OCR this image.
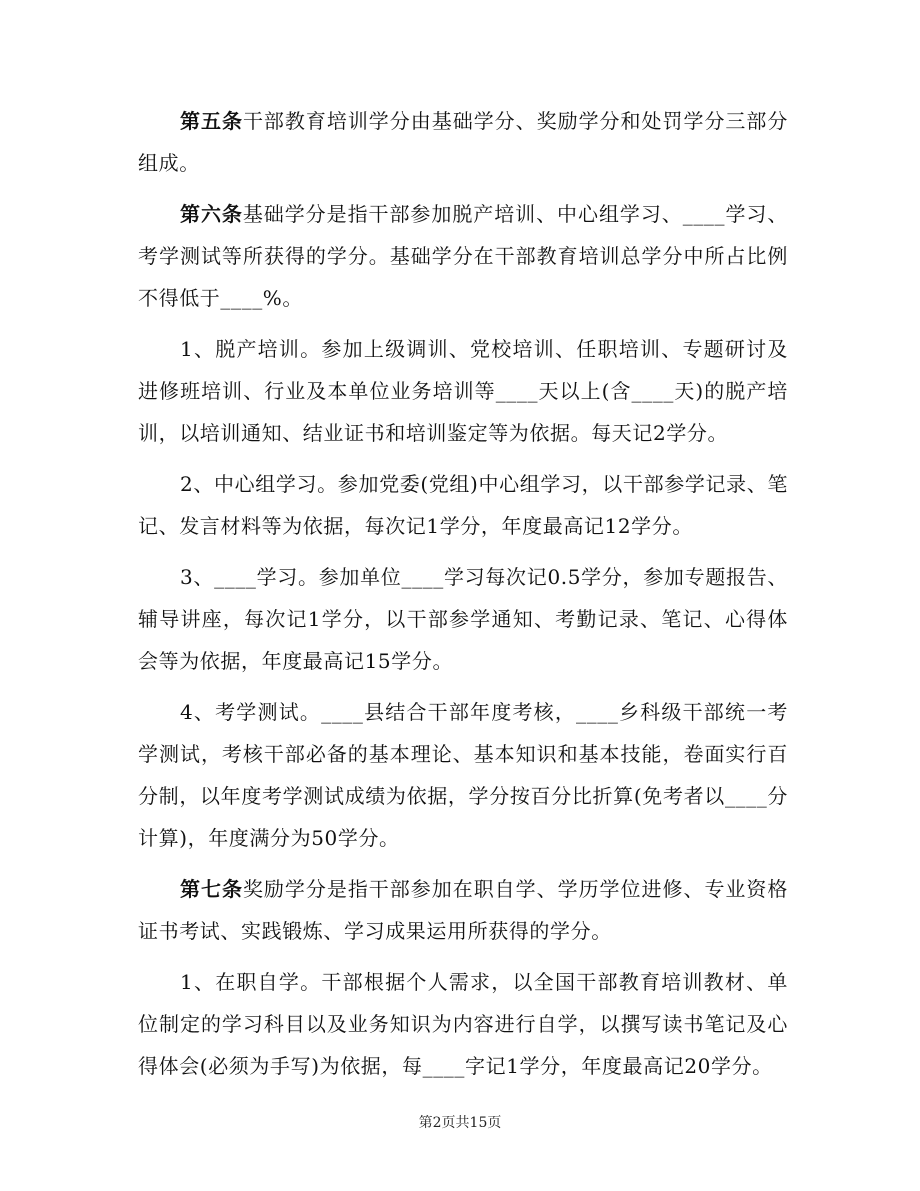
第五条干部教育培训学分由基础学分、奖励学分和处罚学分三部分组成。

第六条基础学分是指干部参加脱产培训、中心组学习、____学习、考学测试等所获得的学分。基础学分在干部教育培训总学分中所占比例不得低于____%。

1、脱产培训。参加上级调训、党校培训、任职培训、专题研讨及进修班培训、行业及本单位业务培训等____天以上(含____天)的脱产培训，以培训通知、结业证书和培训鉴定等为依据。每天记2学分。

2、中心组学习。参加党委(党组)中心组学习，以干部参学记录、笔记、发言材料等为依据，每次记1学分，年度最高记12学分。

3、____学习。参加单位____学习每次记0.5学分，参加专题报告、辅导讲座，每次记1学分，以干部参学通知、考勤记录、笔记、心得体会等为依据，年度最高记15学分。

4、考学测试。____县结合干部年度考核，____乡科级干部统一考学测试，考核干部必备的基本理论、基本知识和基本技能，卷面实行百分制，以年度考学测试成绩为依据，学分按百分比折算(免考者以____分计算)，年度满分为50学分。

第七条奖励学分是指干部参加在职自学、学历学位进修、专业资格证书考试、实践锻炼、学习成果运用所获得的学分。

1、在职自学。干部根据个人需求，以全国干部教育培训教材、单位制定的学习科目以及业务知识为内容进行自学，以撰写读书笔记及心得体会(必须为手写)为依据，每____字记1学分，年度最高记20学分。

第2页共15页
